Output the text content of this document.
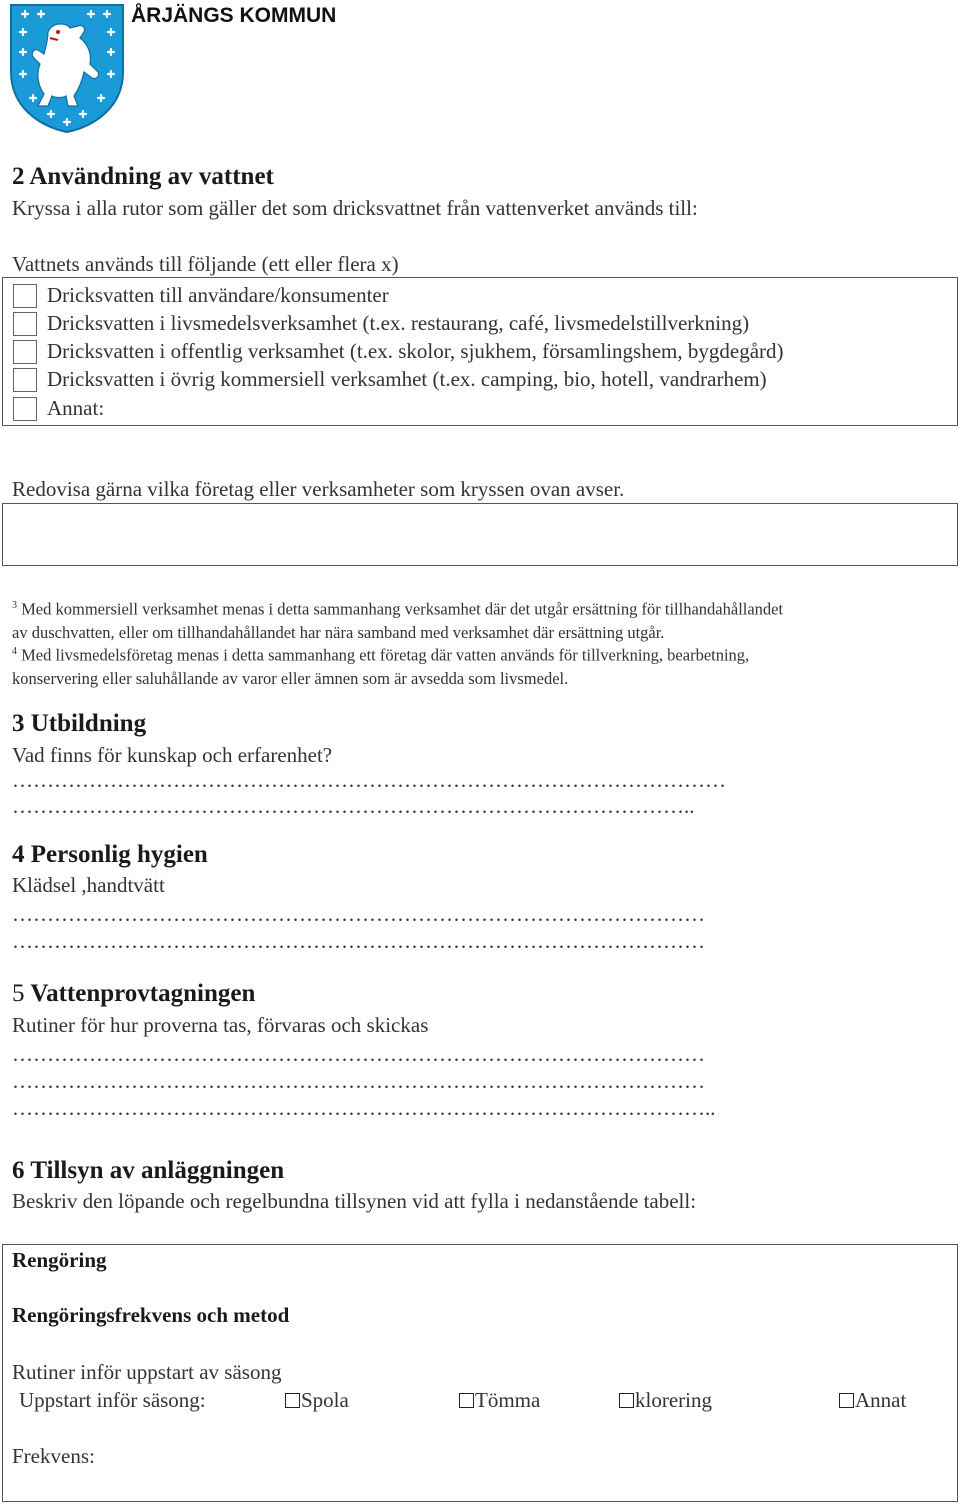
ÅRJÄNGS KOMMUN
2 Användning av vattnet
Kryssa i alla rutor som gäller det som dricksvattnet från vattenverket används till:
Vattnets används till följande (ett eller flera x)
Dricksvatten till användare/konsumenter
Dricksvatten i livsmedelsverksamhet (t.ex. restaurang, café, livsmedelstillverkning)
Dricksvatten i offentlig verksamhet (t.ex. skolor, sjukhem, församlingshem, bygdegård)
Dricksvatten i övrig kommersiell verksamhet (t.ex. camping, bio, hotell, vandrarhem)
Annat:
Redovisa gärna vilka företag eller verksamheter som kryssen ovan avser.
$^3$ Med kommersiell verksamhet menas i detta sammanhang verksamhet där det utgår ersättning för tillhandahållandet
av duschvatten, eller om tillhandahållandet har nära samband med verksamhet där ersättning utgår.
$^4$ Med livsmedelsföretag menas i detta sammanhang ett företag där vatten används för tillverkning, bearbetning,
konservering eller saluhållande av varor eller ämnen som är avsedda som livsmedel.
3 Utbildning
Vad finns för kunskap och erfarenhet?
…………………………………………………………………………………………
……………………………………………………………………………………..
4 Personlig hygien
Klädsel ,handtvätt
………………………………………………………………………………………
………………………………………………………………………………………
5 Vattenprovtagningen
Rutiner för hur proverna tas, förvaras och skickas
………………………………………………………………………………………
………………………………………………………………………………………
………………………………………………………………………………………..
6 Tillsyn av anläggningen
Beskriv den löpande och regelbundna tillsynen vid att fylla i nedanstående tabell:
Rengöring
Rengöringsfrekvens och metod
Rutiner inför uppstart av säsong
Uppstart inför säsong:	Spola	Tömma	klorering	Annat
Frekvens:
